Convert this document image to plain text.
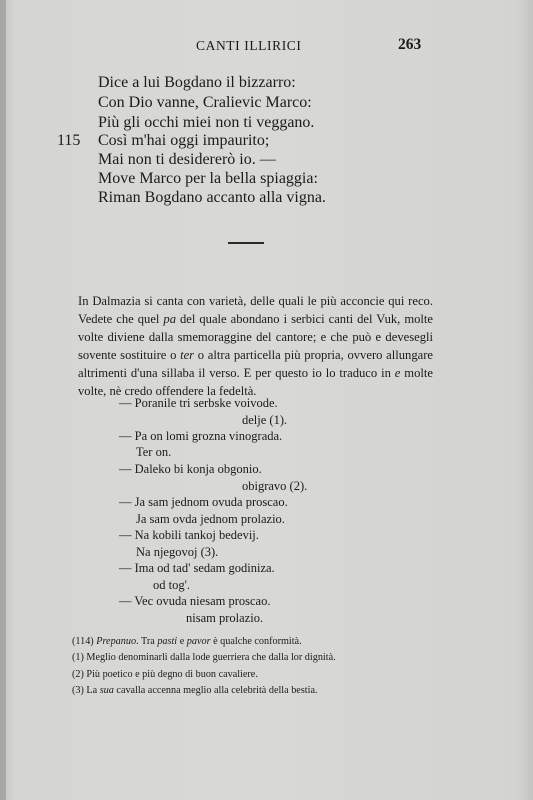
CANTI ILLIRICI	263
Dice a lui Bogdano il bizzarro:
Con Dio vanne, Cralievic Marco:
Più gli occhi miei non ti veggano.
115 Così m'hai oggi impaurito;
Mai non ti desidererò io. —
Move Marco per la bella spiaggia:
Riman Bogdano accanto alla vigna.

In Dalmazia si canta con varietà, delle quali le più acconcie qui reco. Vedete che quel pa del quale abondano i serbici canti del Vuk, molte volte diviene dalla smemoraggine del cantore; e che può e devesegli sovente sostituire o ter o altra particella più propria, ovvero allungare altrimenti d'una sillaba il verso. E per questo io lo traduco in e molte volte, nè credo offendere la fedeltà.

— Poranile tri serbske voivode.
delje (1).
— Pa on lomi grozna vinograda.
Ter on.
— Daleko bi konja obgonio.
obigravo (2).
— Ja sam jednom ovuda proscao.
Ja sam ovda jednom prolazio.
— Na kobili tankoj bedevij.
Na njegovoj (3).
— Ima od tad' sedam godiniza.
od tog'.
— Vec ovuda niesam proscao.
nisam prolazio.
(114) Prepanuo. Tra pasti e pavor è qualche conformità.
(1) Meglio denominarli dalla lode guerriera che dalla lor dignità.
(2) Più poetico e più degno di buon cavaliere.
(3) La sua cavalla accenna meglio alla celebrità della bestia.
